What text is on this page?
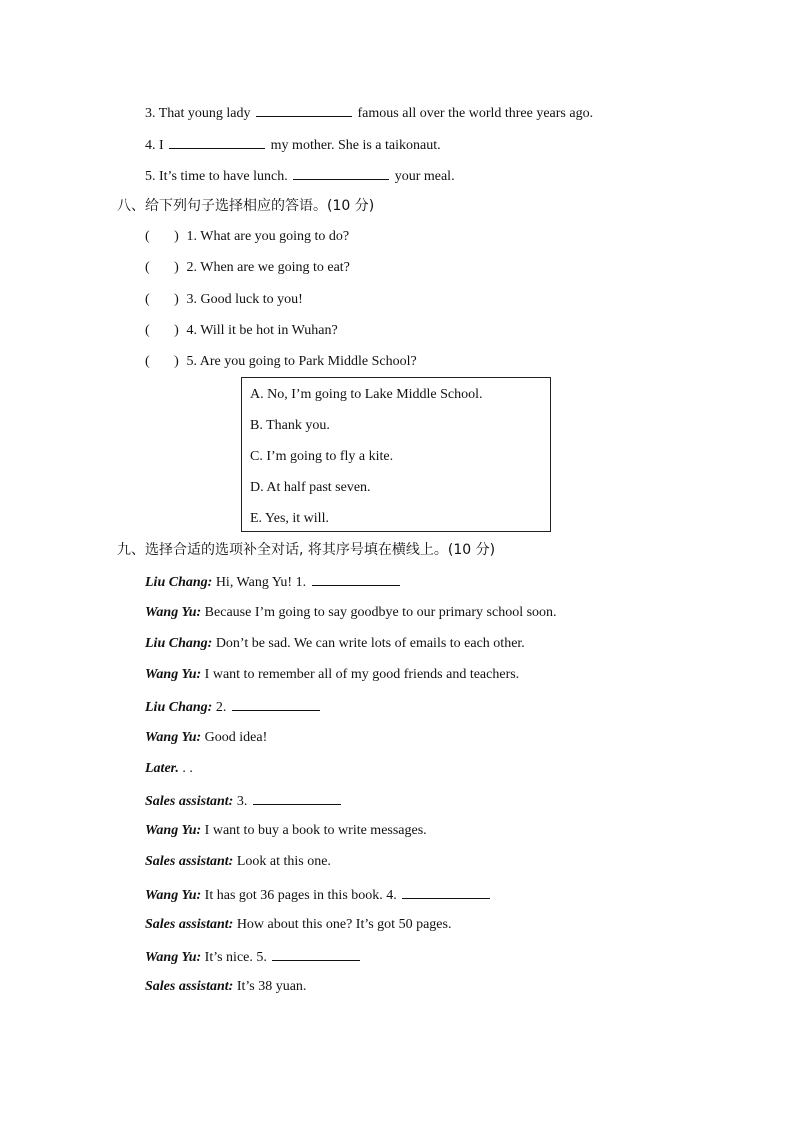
3. That young lady	famous all over the world three years ago.
4. I	my mother. She is a taikonaut.
5. It’s time to have lunch.	your meal.
八、给下列句子选择相应的答语。(10 分)
( ) 1. What are you going to do?
( ) 2. When are we going to eat?
( ) 3. Good luck to you!
( ) 4. Will it be hot in Wuhan?
( ) 5. Are you going to Park Middle School?
A. No, I’m going to Lake Middle School.
B. Thank you.
C. I’m going to fly a kite.
D. At half past seven.
E. Yes, it will.
九、选择合适的选项补全对话, 将其序号填在横线上。(10 分)
Liu Chang: Hi, Wang Yu! 1.
Wang Yu: Because I’m going to say goodbye to our primary school soon.
Liu Chang: Don’t be sad. We can write lots of emails to each other.
Wang Yu: I want to remember all of my good friends and teachers.
Liu Chang: 2.
Wang Yu: Good idea!
Later. . .
Sales assistant: 3.
Wang Yu: I want to buy a book to write messages.
Sales assistant: Look at this one.
Wang Yu: It has got 36 pages in this book. 4.
Sales assistant: How about this one? It’s got 50 pages.
Wang Yu: It’s nice. 5.
Sales assistant: It’s 38 yuan.
